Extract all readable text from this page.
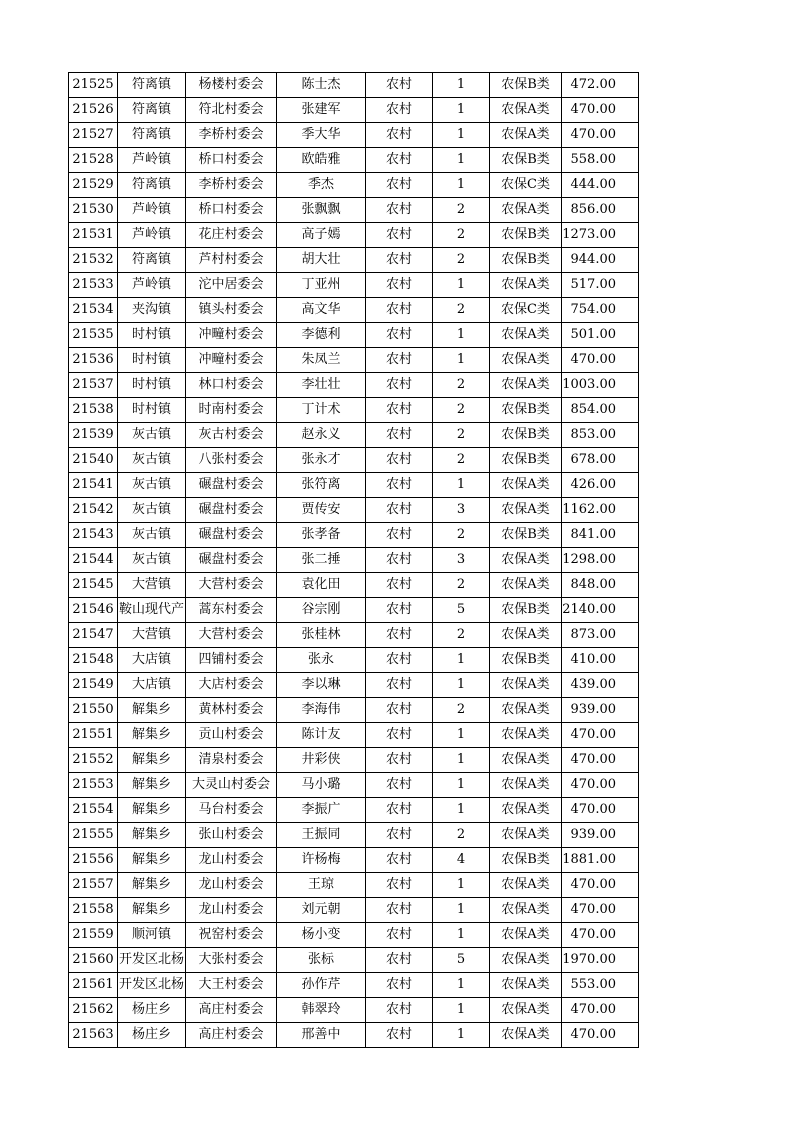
21525	符离镇	杨楼村委会	陈士杰	农村	1	农保B类	472.00
21526	符离镇	符北村委会	张建军	农村	1	农保A类	470.00
21527	符离镇	李桥村委会	季大华	农村	1	农保A类	470.00
21528	芦岭镇	桥口村委会	欧皓雅	农村	1	农保B类	558.00
21529	符离镇	李桥村委会	季杰	农村	1	农保C类	444.00
21530	芦岭镇	桥口村委会	张飘飘	农村	2	农保A类	856.00
21531	芦岭镇	花庄村委会	高子嫣	农村	2	农保B类	1273.00
21532	符离镇	芦村村委会	胡大壮	农村	2	农保B类	944.00
21533	芦岭镇	沱中居委会	丁亚州	农村	1	农保A类	517.00
21534	夹沟镇	镇头村委会	高文华	农村	2	农保C类	754.00
21535	时村镇	冲疃村委会	李德利	农村	1	农保A类	501.00
21536	时村镇	冲疃村委会	朱凤兰	农村	1	农保A类	470.00
21537	时村镇	林口村委会	李壮壮	农村	2	农保A类	1003.00
21538	时村镇	时南村委会	丁计术	农村	2	农保B类	854.00
21539	灰古镇	灰古村委会	赵永义	农村	2	农保B类	853.00
21540	灰古镇	八张村委会	张永才	农村	2	农保B类	678.00
21541	灰古镇	碾盘村委会	张符离	农村	1	农保A类	426.00
21542	灰古镇	碾盘村委会	贾传安	农村	3	农保A类	1162.00
21543	灰古镇	碾盘村委会	张孝备	农村	2	农保B类	841.00
21544	灰古镇	碾盘村委会	张二捶	农村	3	农保A类	1298.00
21545	大营镇	大营村委会	袁化田	农村	2	农保A类	848.00
21546	鞍山现代产	蒿东村委会	谷宗刚	农村	5	农保B类	2140.00
21547	大营镇	大营村委会	张桂林	农村	2	农保A类	873.00
21548	大店镇	四铺村委会	张永	农村	1	农保B类	410.00
21549	大店镇	大店村委会	李以琳	农村	1	农保A类	439.00
21550	解集乡	黄林村委会	李海伟	农村	2	农保A类	939.00
21551	解集乡	贡山村委会	陈计友	农村	1	农保A类	470.00
21552	解集乡	清泉村委会	井彩侠	农村	1	农保A类	470.00
21553	解集乡	大灵山村委会	马小璐	农村	1	农保A类	470.00
21554	解集乡	马台村委会	李振广	农村	1	农保A类	470.00
21555	解集乡	张山村委会	王振同	农村	2	农保A类	939.00
21556	解集乡	龙山村委会	许杨梅	农村	4	农保B类	1881.00
21557	解集乡	龙山村委会	王琼	农村	1	农保A类	470.00
21558	解集乡	龙山村委会	刘元朝	农村	1	农保A类	470.00
21559	顺河镇	祝窑村委会	杨小变	农村	1	农保A类	470.00
21560	开发区北杨	大张村委会	张标	农村	5	农保A类	1970.00
21561	开发区北杨	大王村委会	孙作芹	农村	1	农保A类	553.00
21562	杨庄乡	高庄村委会	韩翠玲	农村	1	农保A类	470.00
21563	杨庄乡	高庄村委会	邢善中	农村	1	农保A类	470.00
